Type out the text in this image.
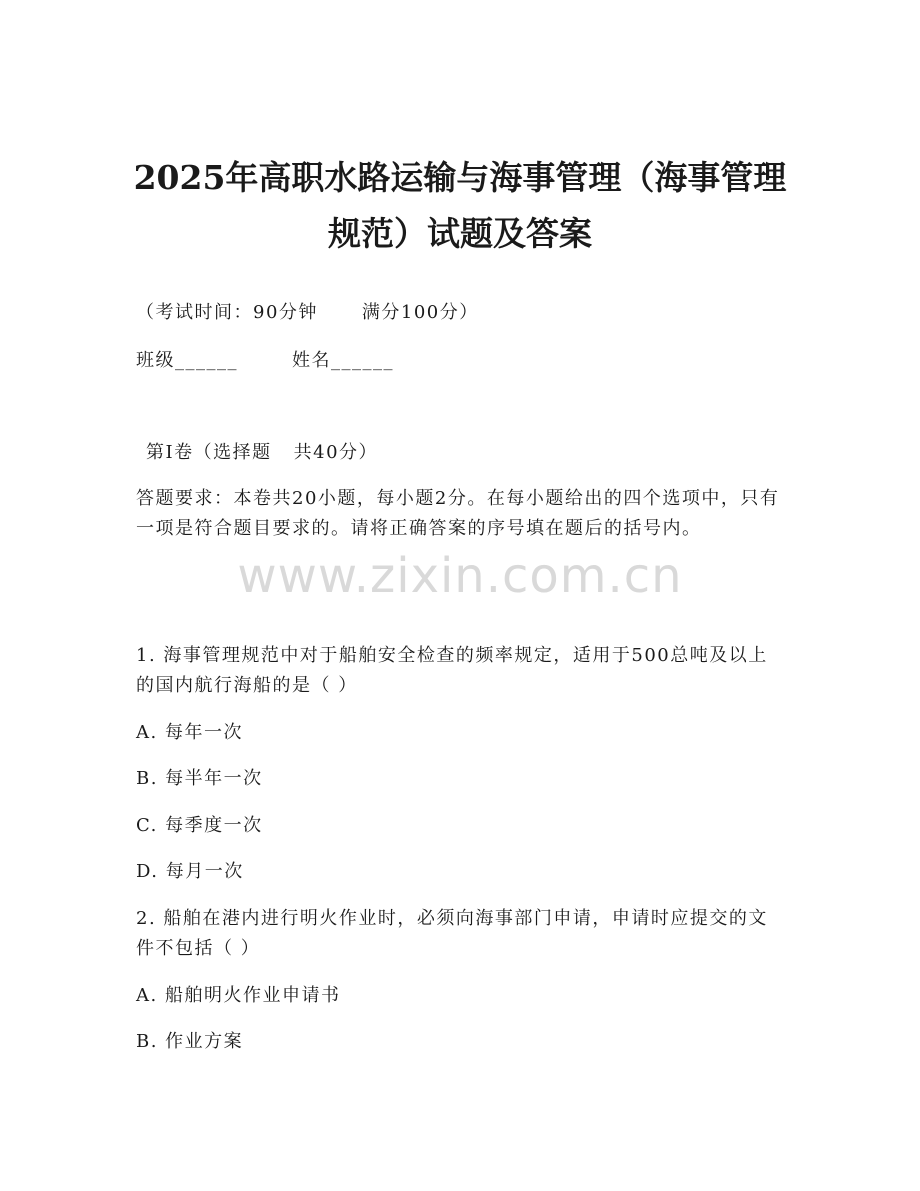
2025年高职水路运输与海事管理（海事管理
规范）试题及答案
（考试时间：90分钟 满分100分）
班级______	姓名______
第Ⅰ卷（选择题 共40分）
答题要求：本卷共20小题，每小题2分。在每小题给出的四个选项中，只有一项是符合题目要求的。请将正确答案的序号填在题后的括号内。
www.zixin.com.cn
1. 海事管理规范中对于船舶安全检查的频率规定，适用于500总吨及以上的国内航行海船的是（ ）
A. 每年一次
B. 每半年一次
C. 每季度一次
D. 每月一次
2. 船舶在港内进行明火作业时，必须向海事部门申请，申请时应提交的文件不包括（ ）
A. 船舶明火作业申请书
B. 作业方案
